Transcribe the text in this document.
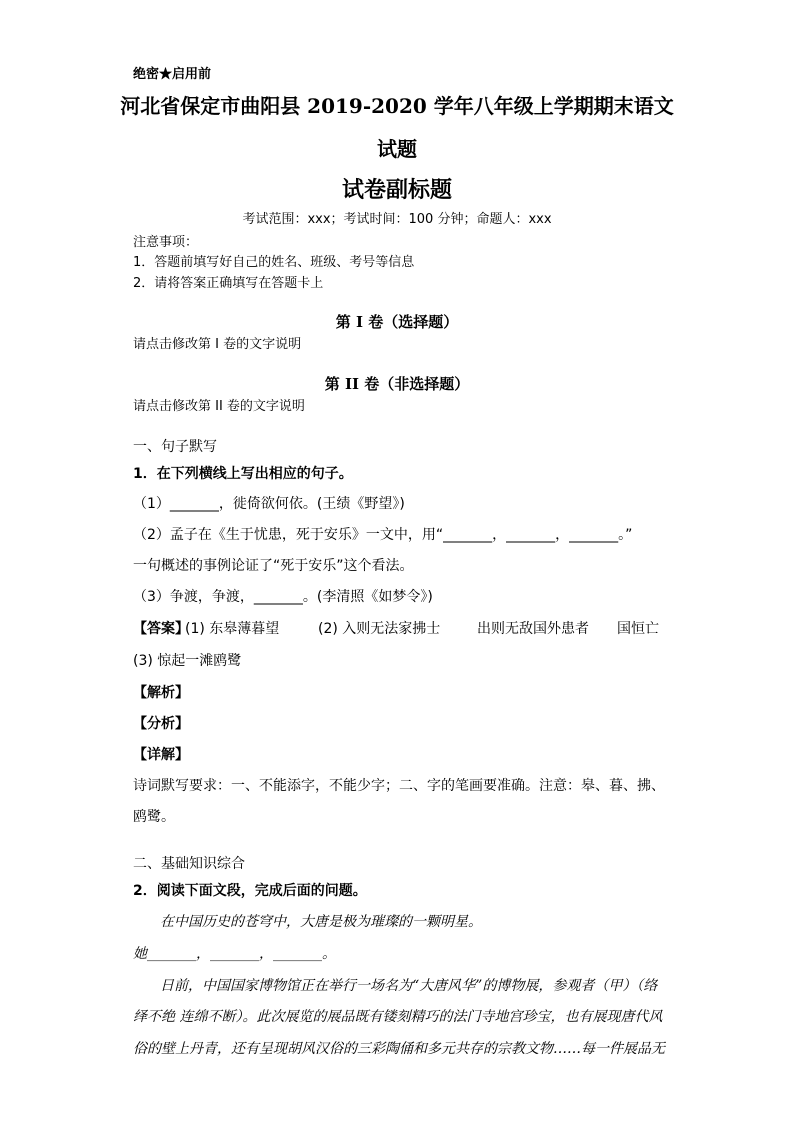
绝密★启用前
河北省保定市曲阳县 2019-2020 学年八年级上学期期末语文
试题
试卷副标题
考试范围：xxx；考试时间：100 分钟；命题人：xxx
注意事项：
1．答题前填写好自己的姓名、班级、考号等信息
2．请将答案正确填写在答题卡上
第 I 卷（选择题）
请点击修改第 I 卷的文字说明
第 II 卷（非选择题）
请点击修改第 II 卷的文字说明
一、句子默写
1．在下列横线上写出相应的句子。
（1）_______，徙倚欲何依。(王绩《野望》)
（2）孟子在《生于忧患，死于安乐》一文中，用“_______，_______，_______。”
一句概述的事例论证了“死于安乐”这个看法。
（3）争渡，争渡，_______。(李清照《如梦令》)
【答案】
(1) 东皋薄暮望	(2) 入则无法家拂士	出则无敌国外患者 国恒亡
(3) 惊起一滩鸥鹭
【解析】
【分析】
【详解】
诗词默写要求：一、不能添字，不能少字；二、字的笔画要准确。注意：皋、暮、拂、
鸥鹭。
二、基础知识综合
2．阅读下面文段，完成后面的问题。
在中国历史的苍穹中，大唐是极为璀璨的一颗明星。
她_______，_______，_______。
日前，中国国家博物馆正在举行一场名为“大唐风华”的博物展，参观者（甲）（络
绎不绝 连绵不断）。此次展览的展品既有镂刻精巧的法门寺地宫珍宝，也有展现唐代风
俗的壁上丹青，还有呈现胡风汉俗的三彩陶俑和多元共存的宗教文物……每一件展品无
